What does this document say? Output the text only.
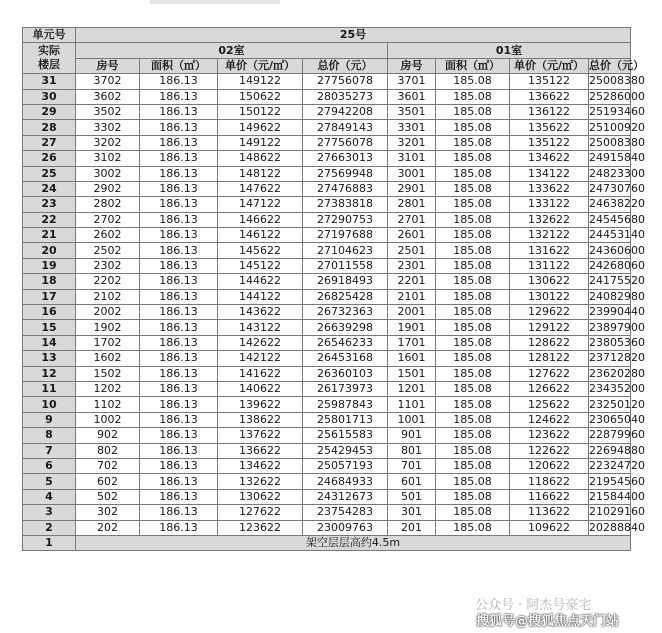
单元号	25号							

实际
楼层	02室				01室			
	房号	面积（㎡）	单价（元/㎡）	总价（元）	房号	面积（㎡）	单价（元/㎡）	总价（元）
31	3702	186.13	149122	27756078	3701	185.08	135122	25008380
30	3602	186.13	150622	28035273	3601	185.08	136622	25286000
29	3502	186.13	150122	27942208	3501	185.08	136122	25193460
28	3302	186.13	149622	27849143	3301	185.08	135622	25100920
27	3202	186.13	149122	27756078	3201	185.08	135122	25008380
26	3102	186.13	148622	27663013	3101	185.08	134622	24915840
25	3002	186.13	148122	27569948	3001	185.08	134122	24823300
24	2902	186.13	147622	27476883	2901	185.08	133622	24730760
23	2802	186.13	147122	27383818	2801	185.08	133122	24638220
22	2702	186.13	146622	27290753	2701	185.08	132622	24545680
21	2602	186.13	146122	27197688	2601	185.08	132122	24453140
20	2502	186.13	145622	27104623	2501	185.08	131622	24360600
19	2302	186.13	145122	27011558	2301	185.08	131122	24268060
18	2202	186.13	144622	26918493	2201	185.08	130622	24175520
17	2102	186.13	144122	26825428	2101	185.08	130122	24082980
16	2002	186.13	143622	26732363	2001	185.08	129622	23990440
15	1902	186.13	143122	26639298	1901	185.08	129122	23897900
14	1702	186.13	142622	26546233	1701	185.08	128622	23805360
13	1602	186.13	142122	26453168	1601	185.08	128122	23712820
12	1502	186.13	141622	26360103	1501	185.08	127622	23620280
11	1202	186.13	140622	26173973	1201	185.08	126622	23435200
10	1102	186.13	139622	25987843	1101	185.08	125622	23250120
9	1002	186.13	138622	25801713	1001	185.08	124622	23065040
8	902	186.13	137622	25615583	901	185.08	123622	22879960
7	802	186.13	136622	25429453	801	185.08	122622	22694880
6	702	186.13	134622	25057193	701	185.08	120622	22324720
5	602	186.13	132622	24684933	601	185.08	118622	21954560
4	502	186.13	130622	24312673	501	185.08	116622	21584400
3	302	186.13	127622	23754283	301	185.08	113622	21029160
2	202	186.13	123622	23009763	201	185.08	109622	20288840
1	架空层层高约4.5m							
公众号 · 阿杰号豪宅
搜狐号@搜狐焦点天门站
